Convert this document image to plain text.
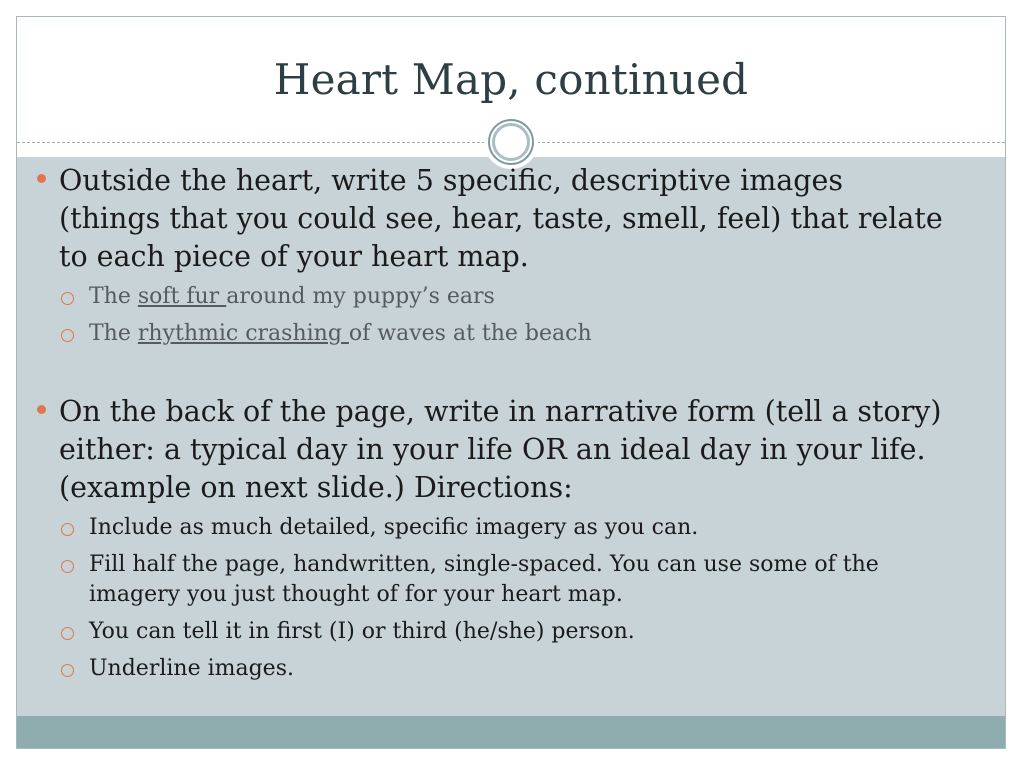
Heart Map, continued
Outside the heart, write 5 specific, descriptive images (things that you could see, hear, taste, smell, feel) that relate to each piece of your heart map.
The soft fur around my puppy’s ears
The rhythmic crashing of waves at the beach
On the back of the page, write in narrative form (tell a story) either: a typical day in your life OR an ideal day in your life. (example on next slide.) Directions:
Include as much detailed, specific imagery as you can.
Fill half the page, handwritten, single-spaced. You can use some of the imagery you just thought of for your heart map.
You can tell it in first (I) or third (he/she) person.
Underline images.
